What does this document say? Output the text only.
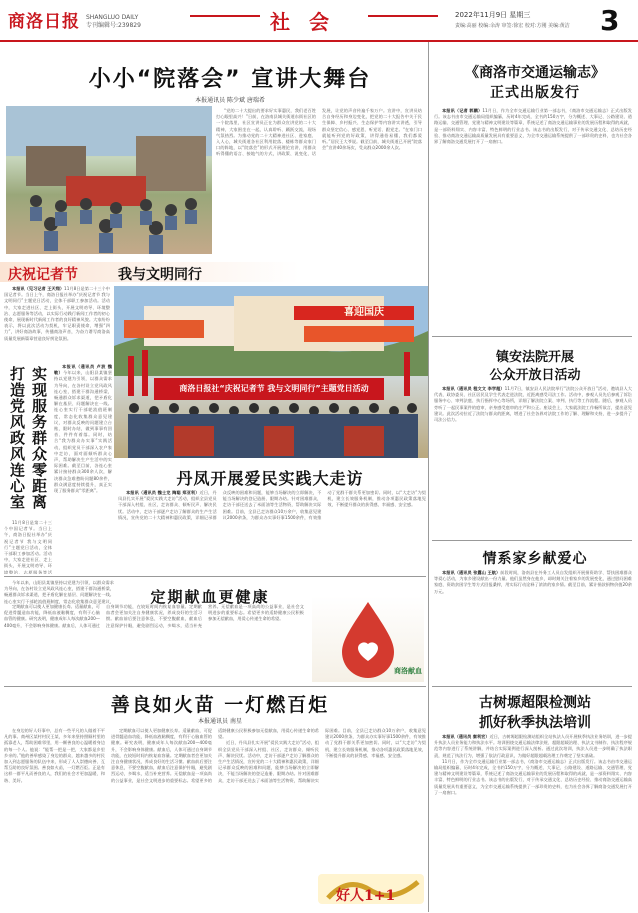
商洛日报 SHANGLUO DAILY
专刊编辑号:239829	社 会	2022年11月9日 星期三
责编:高丽 校编:余涛 审签:徐宏 校对:方刚 美编:黄洁 3
小小“院落会” 宣讲大舞台
本报通讯员 陈少斌 唐瑞希

“党的二十大提出的要求好实事惠民，我们老百姓打心眼里高兴！”日前，在洛南县城关街道东街社区的一个院落里，社区宣讲员正在为群众宣讲党的二十大精神，大家围坐在一起，认真聆听、踊跃交流，现场气氛热烈。为推动党的二十大精神进社区、进家庭、入人心，城关街道各社区利用院落、楼栋等群众家门口的阵地，以“院落会”的形式开展理论宣讲，用群众听得懂的语言、接地气的方式，讲政策、说变化、话发展，让党的声音传遍千家万户。宣讲中，宣讲员结合自身经历和身边变化，把党的二十大报告中关于民生保障、乡村振兴、生态保护等内容讲实讲透，引导群众坚定信心、感党恩、听党话、跟党走。“在家门口就能听到党的好政策，讲得通俗易懂，我们都爱听。”居民王大爷说。截至目前，城关街道已开展“院落会”宣讲40余场次，受众群众2000余人次。

《商洛市交通运输志》
正式出版发行

本报讯（记者 郭鹏）11月日，作为全市交通运输行业第一部志书，《商洛市交通运输志》正式出版发行。该志书由市交通运输局组织编纂，历时4年完成，全书约150万字，分为概述、大事记、公路建设、道路运输、交通管理、党建与精神文明建设等篇章，系统记述了商洛交通运输事业的发展历程和取得的成就，是一部资料翔实、内容丰富、特色鲜明的行业志书。该志书的出版发行，对于传承交通文化、总结历史经验、推动商洛交通运输高质量发展具有重要意义，为全市交通运输系统提供了一部珍贵的史料，也为社会各界了解商洛交通发展打开了一扇窗口。

庆祝记者节	我与文明同行
商洛日报社“庆祝记者节 我与文明同行”主题党日活动
喜迎国庆

本报讯（见习记者 王天翔）11月8日是第二十三个中国记者节。当日上午，商洛日报社举办“庆祝记者节 我与文明同行”主题党日活动，全体干部职工参加活动。活动中，大家走进社区、走上街头，开展文明劝导、环境整治、志愿服务等活动，以实际行动践行新闻工作者的初心使命，展现新时代新闻工作者的良好精神风貌。大家纷纷表示，将以此次活动为契机，牢记职责使命，增强“四力”，讲好商洛故事，传播商洛声音，为奋力谱写商洛高质量发展新篇章营造良好舆论氛围。

实现服务群众零距离
打造党风政风连心室	本报讯（通讯员 卢波 魏敏）今年以来，山阳县某镇坚持以党建为引领，以群众需求为导向，在各村设立党风政风连心室，搭建干群沟通桥梁，畅通群众诉求渠道，把矛盾化解在基层、问题解决在一线。连心室实行干部轮流值班制度，常态化收集群众意见建议，对群众反映的问题建立台账，限时办结，做到事事有回音、件件有着落。同时，结合“我为群众办实事”实践活动，组织党员干部深入农户家中走访，面对面倾听群众心声，帮助解决生产生活中的实际困难。截至目前，各连心室累计接待群众300余人次，解决群众急难愁盼问题80余件，群众满意度持续提升，真正实现了服务群众“零距离”。

11月8日是第二十三个中国记者节。当日上午，商洛日报社举办“庆祝记者节 我与文明同行”主题党日活动，全体干部职工参加活动。活动中，大家走进社区、走上街头，开展文明劝导、环境整治、志愿服务等活

镇安法院开展
公众开放日活动

本报讯（通讯员 程文文 李学超）11月7日，镇安县人民法院举行“法院公众开放日”活动，邀请县人大代表、政协委员、社区居民及学生代表走进法院，近距离感受司法工作。活动中，参观人员先后参观了诉讼服务中心、审判法庭、执行指挥中心等场所，详细了解法院立案、审判、执行等工作流程。随后，参观人员旁听了一起民事案件的庭审，亲身感受庭审的庄严和公正。座谈会上，大家就法院工作畅所欲言，提出意见建议。此次活动拉近了法院与群众的距离，增进了社会各界对法院工作的了解、理解和支持，进一步提升了司法公信力。

丹凤开展爱民实践大走访

本报讯（通讯员 魏士龙 陶聪 郑亚利）近日，丹凤县扎实开展“爱民实践大走访”活动，组织全县党员干部深入村组、社区，走访群众、倾听民声、解决民忧。活动中，走访干部逐户走访了解群众的生产生活情况，宣传党的二十大精神和惠民政策，详细记录群众反映的困难和问题，能够当场解决的立即解决，不能当场解决的登记造册、限期办结。针对困难群众，走访干部还送去了米面油等生活物资，帮助解决实际困难。目前，全县已走访群众10万余户，收集意见建议2000余条，为群众办实事好事1500余件，有效推动了党群干群关系更加密切。同时，以“大走访”为契机，建立长效服务机制，推动各项惠民政策落地见效，不断提升群众的获得感、幸福感、安全感。

定期献血更健康

定期献血可以使人更加健康长寿。适量献血，可促进骨髓造血功能，降低血液黏稠度，有利于心脑血管的健康。研究表明，健康成年人每次献血200—400毫升，不会影响身体健康。献血后，人体可通过自身调节功能，在较短时间内恢复血容量。定期献血者会更加关注自身健康状况，养成良好的生活习惯。献血前后要注意休息，不要空腹献血，献血后注意保护针眼，避免剧烈运动，多喝水，适当补充营养。无偿献血是一项高尚的公益事业，是社会文明进步的重要标志。希望更多的适龄健康公民积极参加无偿献血，用爱心传递生命的希望。

今年以来，山阳县某镇坚持以党建为引领，以群众需求为导向，在各村设立党风政风连心室，搭建干群沟通桥梁，畅通群众诉求渠道，把矛盾化解在基层、问题解决在一线。连心室实行干部轮流值班制度，常态化收集群众意见建议，

商洛献血
情系家乡献爱心

本报讯（通讯员 张露山 王航）前段时间，洛南县在外务工人员自发组织开展捐资助学、帮扶困难群众等爱心活动，为家乡建设献出一份力量。他们虽然身在他乡，却时刻关注着家乡的发展变化，通过慰问困难家庭、资助贫困学生等方式回报桑梓，用实际行动诠释了浓浓的家乡情。截至目前，累计捐款捐物价值20余万元。

善良如火苗 一灯燃百炬
本报通讯员 南星

在身边的好人好事中，总有一些平凡的人做着不平凡的事。商州区某村村民王某，多年来坚持照顾村里的孤寡老人，帮助困难邻里，用一颗善良的心温暖着身边的每一个人。他说：“能帮一把是一把，大家都是乡里乡亲的。”他的善举感染了身边的群众，越来越多的村民加入到志愿服务的队伍中来，形成了人人崇德向善、互帮互助的良好氛围。善良如火苗，一灯燃百炬。正是有这样一群平凡而善良的人，我们的社会才更加温暖、和谐、美好。

定期献血可以使人更加健康长寿。适量献血，可促进骨髓造血功能，降低血液黏稠度，有利于心脑血管的健康。研究表明，健康成年人每次献血200—400毫升，不会影响身体健康。献血后，人体可通过自身调节功能，在较短时间内恢复血容量。定期献血者会更加关注自身健康状况，养成良好的生活习惯。献血前后要注意休息，不要空腹献血，献血后注意保护针眼，避免剧烈运动，多喝水，适当补充营养。无偿献血是一项高尚的公益事业，是社会文明进步的重要标志。希望更多的适龄健康公民积极参加无偿献血，用爱心传递生命的希望。

近日，丹凤县扎实开展“爱民实践大走访”活动，组织全县党员干部深入村组、社区，走访群众、倾听民声、解决民忧。活动中，走访干部逐户走访了解群众的生产生活情况，宣传党的二十大精神和惠民政策，详细记录群众反映的困难和问题，能够当场解决的立即解决，不能当场解决的登记造册、限期办结。针对困难群众，走访干部还送去了米面油等生活物资，帮助解决实际困难。目前，全县已走访群众10万余户，收集意见建议2000余条，为群众办实事好事1500余件，有效推动了党群干群关系更加密切。同时，以“大走访”为契机，建立长效服务机制，推动各项惠民政策落地见效，不断提升群众的获得感、幸福感、安全感。

好人1+1
古树塬超限检测站
抓好秋季执法培训

本报讯（通讯员 秦利宏）近日，古树塬超限检测站组织全站执法人员开展秋季执法业务培训，进一步提升执法人员业务能力和执法水平。培训围绕交通运输法律法规、超限超载治理、执法文书制作、执法程序规范等内容进行了系统讲解，并结合实际案例进行深入剖析。通过此次培训，执法人员进一步明确了执法职责，规范了执法行为，增强了依法行政意识，为做好超限超载治理工作奠定了坚实基础。

11月日，作为全市交通运输行业第一部志书，《商洛市交通运输志》正式出版发行。该志书由市交通运输局组织编纂，历时4年完成，全书约150万字，分为概述、大事记、公路建设、道路运输、交通管理、党建与精神文明建设等篇章，系统记述了商洛交通运输事业的发展历程和取得的成就，是一部资料翔实、内容丰富、特色鲜明的行业志书。该志书的出版发行，对于传承交通文化、总结历史经验、推动商洛交通运输高质量发展具有重要意义，为全市交通运输系统提供了一部珍贵的史料，也为社会各界了解商洛交通发展打开了一扇窗口。
